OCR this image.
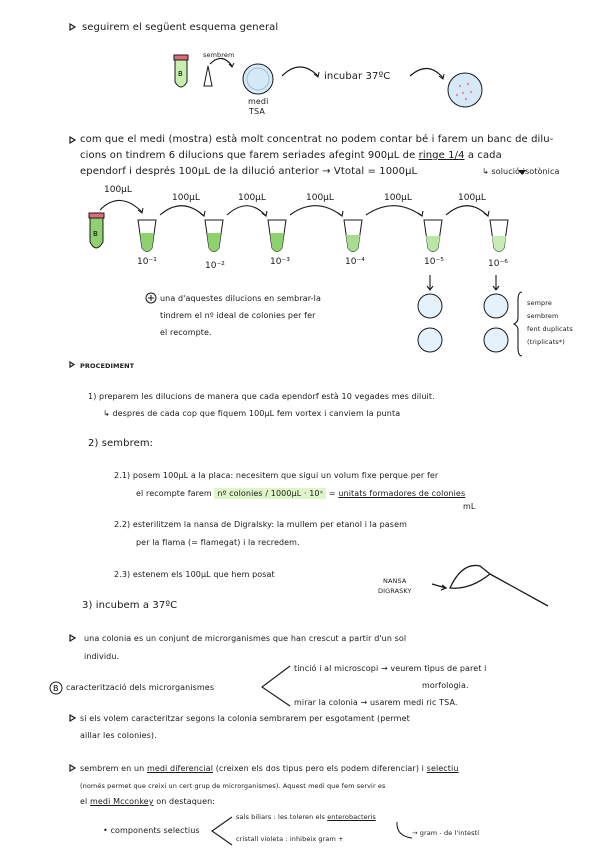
B
B
B
seguirem el següent esquema general
sembrem
medi
TSA
incubar 37ºC
com que el medi (mostra) està molt concentrat no podem contar bé i farem un banc de dilu-
cions on tindrem 6 dilucions que farem seriades afegint 900μL de ringe 1/4 a cada
ependorf i després 100μL de la dilució anterior → Vtotal = 1000μL	↳ solució isotònica
100μL
100μL	100μL	100μL	100μL	100μL
10⁻¹	10⁻²	10⁻³	10⁻⁴	10⁻⁵	10⁻⁶
una d'aquestes dilucions en sembrar-la
tindrem el nº ideal de colonies per fer
el recompte.
sempre
sembrem
fent duplicats
(triplicats*)
PROCEDIMENT
1) preparem les dilucions de manera que cada ependorf està 10 vegades mes diluit.
↳ despres de cada cop que fiquem 100μL fem vortex i canviem la punta
2) sembrem:
2.1) posem 100μL a la placa: necesitem que sigui un volum fixe perque per fer
el recompte farem nº colonies / 1000μL · 10ˣ = unitats formadores de colonies
mL
2.2) esterilitzem la nansa de Digralsky: la mullem per etanol i la pasem
per la flama (= flamegat) i la recredem.
2.3) estenem els 100μL que hem posat
NANSA
DIGRASKY
3) incubem a 37ºC
una colonia es un conjunt de microrganismes que han crescut a partir d'un sol
individu.
caracterització dels microrganismes
tinció i al microscopi → veurem tipus de paret i
morfologia.
mirar la colonia → usarem medi ric TSA.
si els volem caracteritzar segons la colonia sembrarem per esgotament (permet
aillar les colonies).
sembrem en un medi diferencial (creixen els dos tipus pero els podem diferenciar) i selectiu
(només permet que creixi un cert grup de microrganismes). Aquest medi que fem servir es
el medi Mcconkey on destaquen:
• components selectius
sals biliars : les toleren els enterobacteris
→ gram - de l'intestí
cristall violeta : inhibeix gram +
